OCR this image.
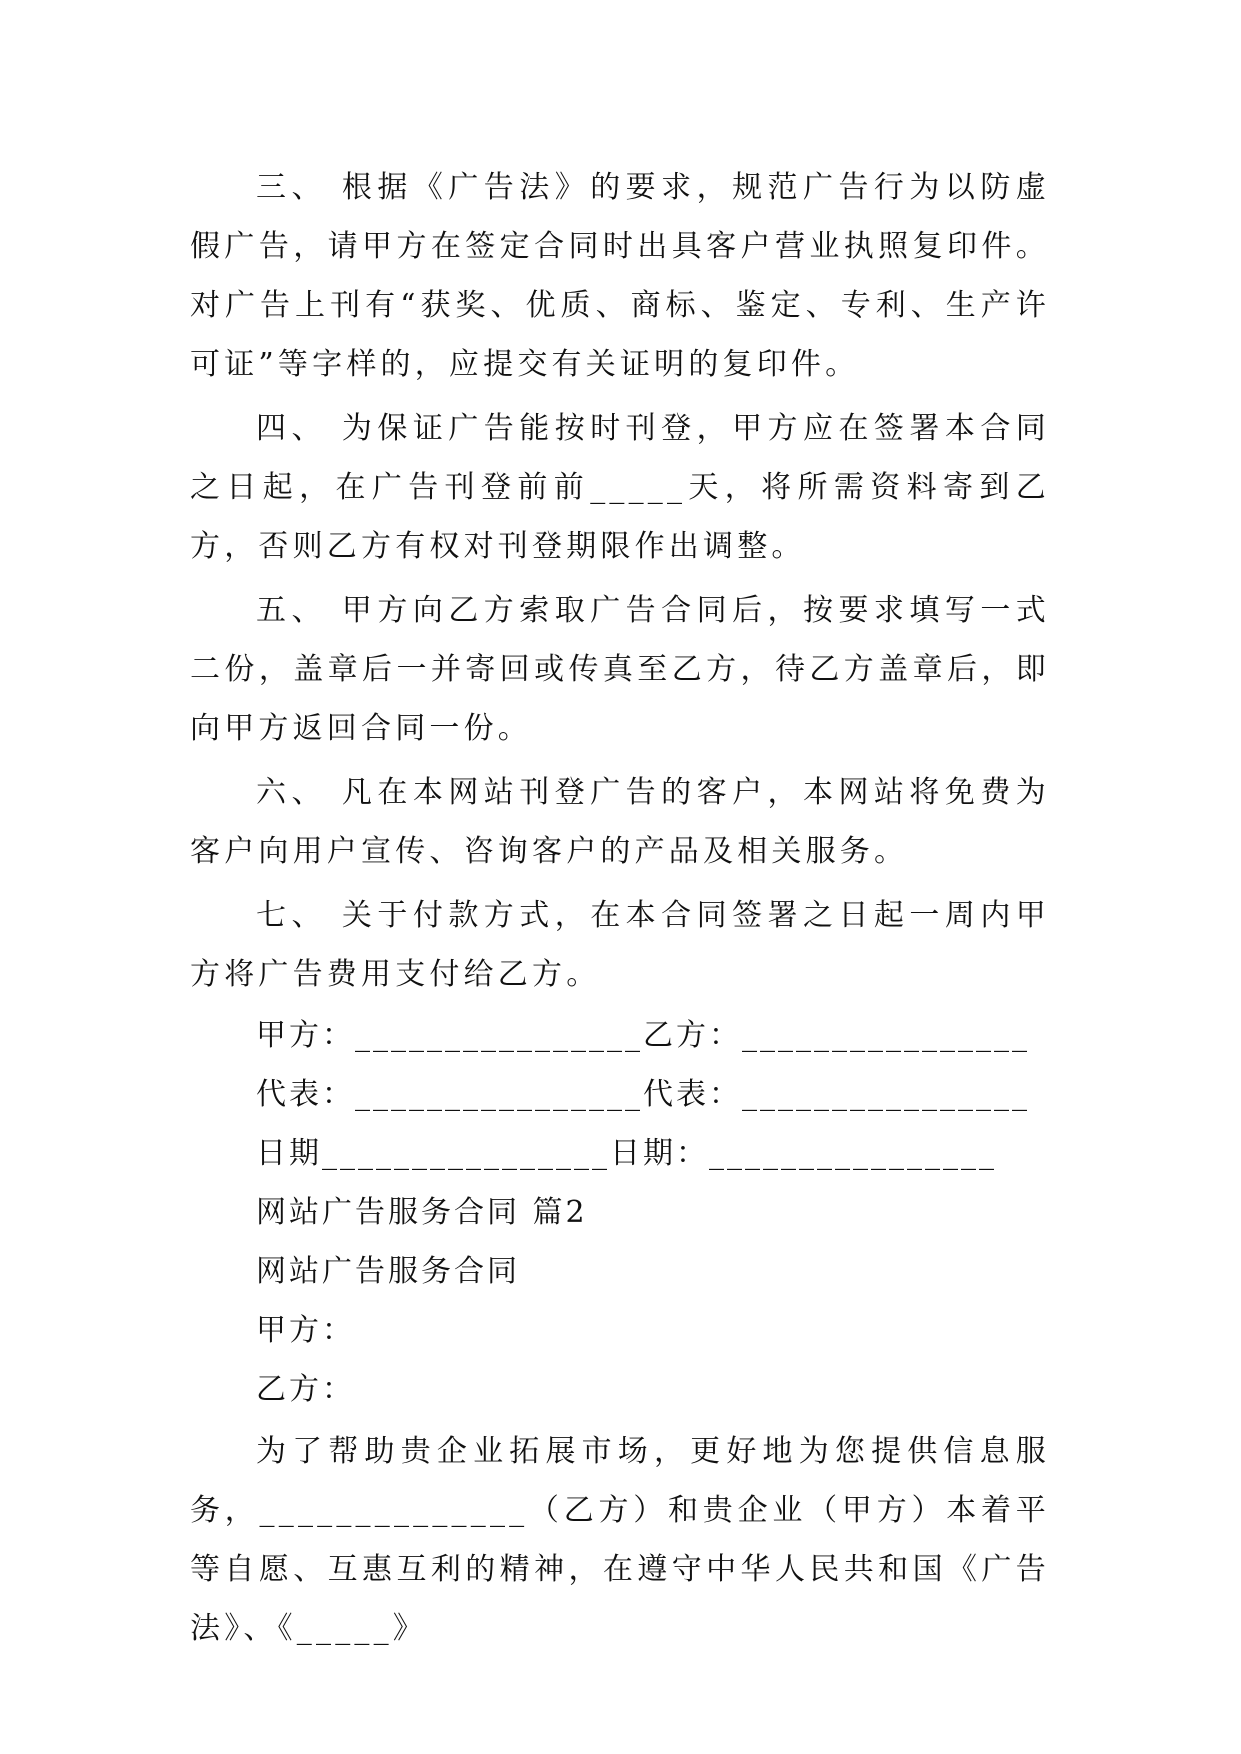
三、 根据《广告法》的要求，规范广告行为以防虚假广告，请甲方在签定合同时出具客户营业执照复印件。对广告上刊有“获奖、优质、商标、鉴定、专利、生产许可证”等字样的，应提交有关证明的复印件。

四、 为保证广告能按时刊登，甲方应在签署本合同之日起，在广告刊登前前_____天，将所需资料寄到乙方，否则乙方有权对刊登期限作出调整。

五、 甲方向乙方索取广告合同后，按要求填写一式二份，盖章后一并寄回或传真至乙方，待乙方盖章后，即向甲方返回合同一份。

六、 凡在本网站刊登广告的客户，本网站将免费为客户向用户宣传、咨询客户的产品及相关服务。

七、 关于付款方式，在本合同签署之日起一周内甲方将广告费用支付给乙方。

甲方：________________乙方：________________
代表：________________代表：________________
日期________________日期：________________
网站广告服务合同 篇2
网站广告服务合同
甲方：
乙方：

为了帮助贵企业拓展市场，更好地为您提供信息服务，______________（乙方）和贵企业（甲方）本着平等自愿、互惠互利的精神，在遵守中华人民共和国《广告法》、《_____》
